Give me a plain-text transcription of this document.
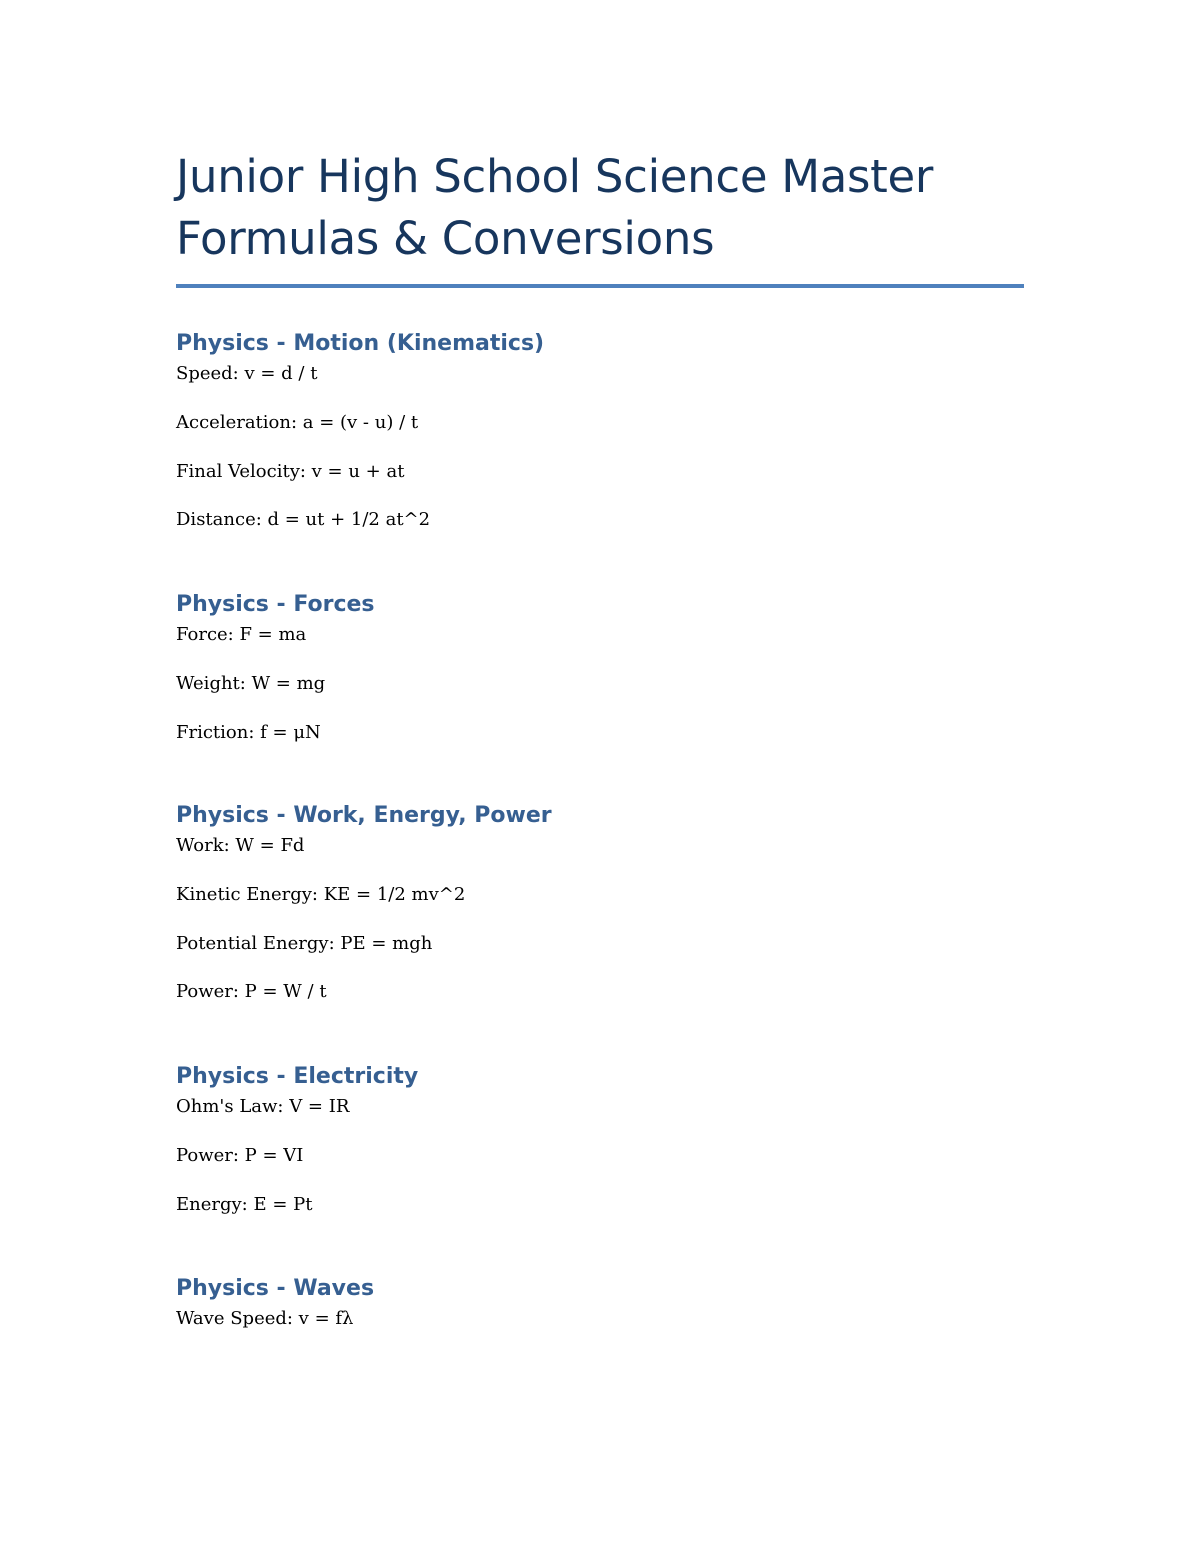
Junior High School Science Master Formulas & Conversions
Physics - Motion (Kinematics)

Speed: v = d / t

Acceleration: a = (v - u) / t

Final Velocity: v = u + at

Distance: d = ut + 1/2 at^2

Physics - Forces

Force: F = ma

Weight: W = mg

Friction: f = μN

Physics - Work, Energy, Power

Work: W = Fd

Kinetic Energy: KE = 1/2 mv^2

Potential Energy: PE = mgh

Power: P = W / t

Physics - Electricity

Ohm's Law: V = IR

Power: P = VI

Energy: E = Pt

Physics - Waves

Wave Speed: v = fλ
